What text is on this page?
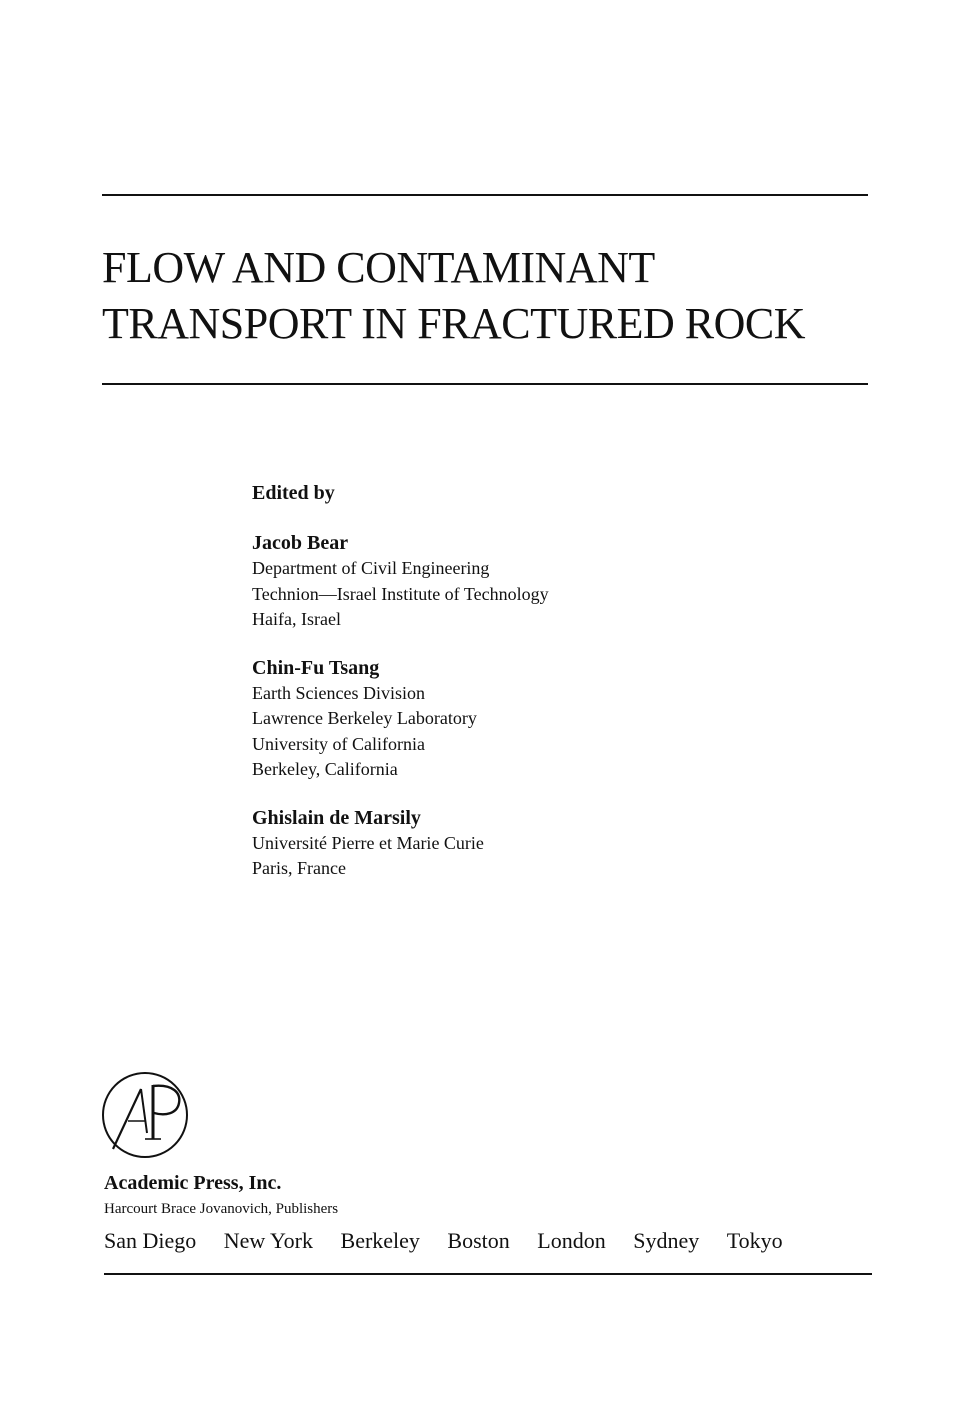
FLOW AND CONTAMINANT
TRANSPORT IN FRACTURED ROCK

Edited by

Jacob Bear

Department of Civil Engineering

Technion—Israel Institute of Technology

Haifa, Israel

Chin-Fu Tsang

Earth Sciences Division

Lawrence Berkeley Laboratory

University of California

Berkeley, California

Ghislain de Marsily

Université Pierre et Marie Curie

Paris, France

Academic Press, Inc.

Harcourt Brace Jovanovich, Publishers

San Diego New York Berkeley Boston London Sydney Tokyo
